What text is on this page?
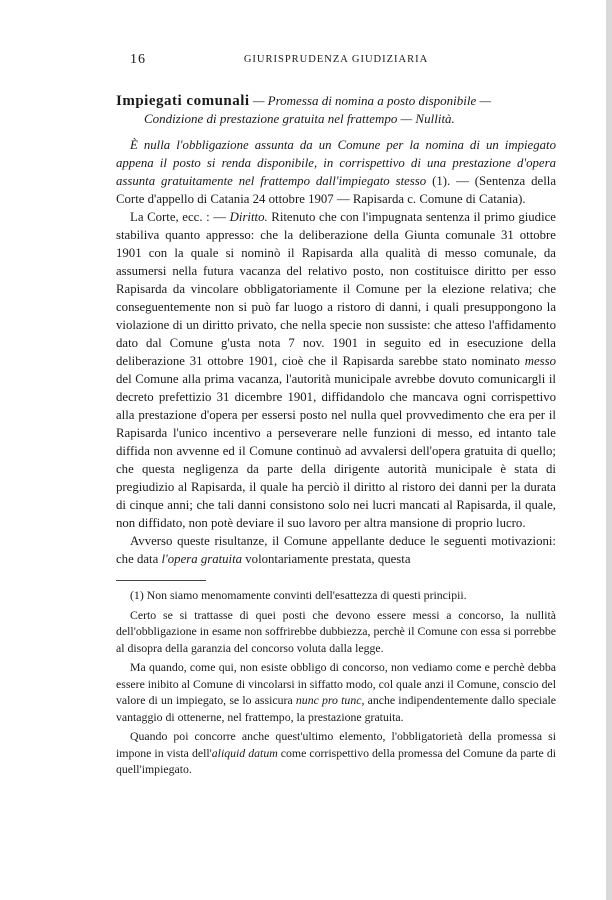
16	GIURISPRUDENZA GIUDIZIARIA
Impiegati comunali — Promessa di nomina a posto disponibile —
Condizione di prestazione gratuita nel frattempo — Nullità.
È nulla l'obbligazione assunta da un Comune per la nomina di un impiegato appena il posto si renda disponibile, in corrispettivo di una prestazione d'opera assunta gratuitamente nel frattempo dall'impiegato stesso (1). — (Sentenza della Corte d'appello di Catania 24 ottobre 1907 — Rapisarda c. Comune di Catania).

La Corte, ecc. : — Diritto. Ritenuto che con l'impugnata sentenza il primo giudice stabiliva quanto appresso: che la deliberazione della Giunta comunale 31 ottobre 1901 con la quale si nominò il Rapisarda alla qualità di messo comunale, da assumersi nella futura vacanza del relativo posto, non costituisce diritto per esso Rapisarda da vincolare obbligatoriamente il Comune per la elezione relativa; che conseguentemente non si può far luogo a ristoro di danni, i quali presuppongono la violazione di un diritto privato, che nella specie non sussiste: che atteso l'affidamento dato dal Comune g'usta nota 7 nov. 1901 in seguito ed in esecuzione della deliberazione 31 ottobre 1901, cioè che il Rapisarda sarebbe stato nominato messo del Comune alla prima vacanza, l'autorità municipale avrebbe dovuto comunicargli il decreto prefettizio 31 dicembre 1901, diffidandolo che mancava ogni corrispettivo alla prestazione d'opera per essersi posto nel nulla quel provvedimento che era per il Rapisarda l'unico incentivo a perseverare nelle funzioni di messo, ed intanto tale diffida non avvenne ed il Comune continuò ad avvalersi dell'opera gratuita di quello; che questa negligenza da parte della dirigente autorità municipale è stata di pregiudizio al Rapisarda, il quale ha perciò il diritto al ristoro dei danni per la durata di cinque anni; che tali danni consistono solo nei lucri mancati al Rapisarda, il quale, non diffidato, non potè deviare il suo lavoro per altra mansione di proprio lucro.

Avverso queste risultanze, il Comune appellante deduce le seguenti motivazioni: che data l'opera gratuita volontariamente prestata, questa

(1) Non siamo menomamente convinti dell'esattezza di questi principii.

Certo se si trattasse di quei posti che devono essere messi a concorso, la nullità dell'obbligazione in esame non soffrirebbe dubbiezza, perchè il Comune con essa si porrebbe al disopra della garanzia del concorso voluta dalla legge.

Ma quando, come qui, non esiste obbligo di concorso, non vediamo come e perchè debba essere inibito al Comune di vincolarsi in siffatto modo, col quale anzi il Comune, conscio del valore di un impiegato, se lo assicura nunc pro tunc, anche indipendentemente dallo speciale vantaggio di ottenerne, nel frattempo, la prestazione gratuita.

Quando poi concorre anche quest'ultimo elemento, l'obbligatorietà della promessa si impone in vista dell'aliquid datum come corrispettivo della promessa del Comune da parte di quell'impiegato.
